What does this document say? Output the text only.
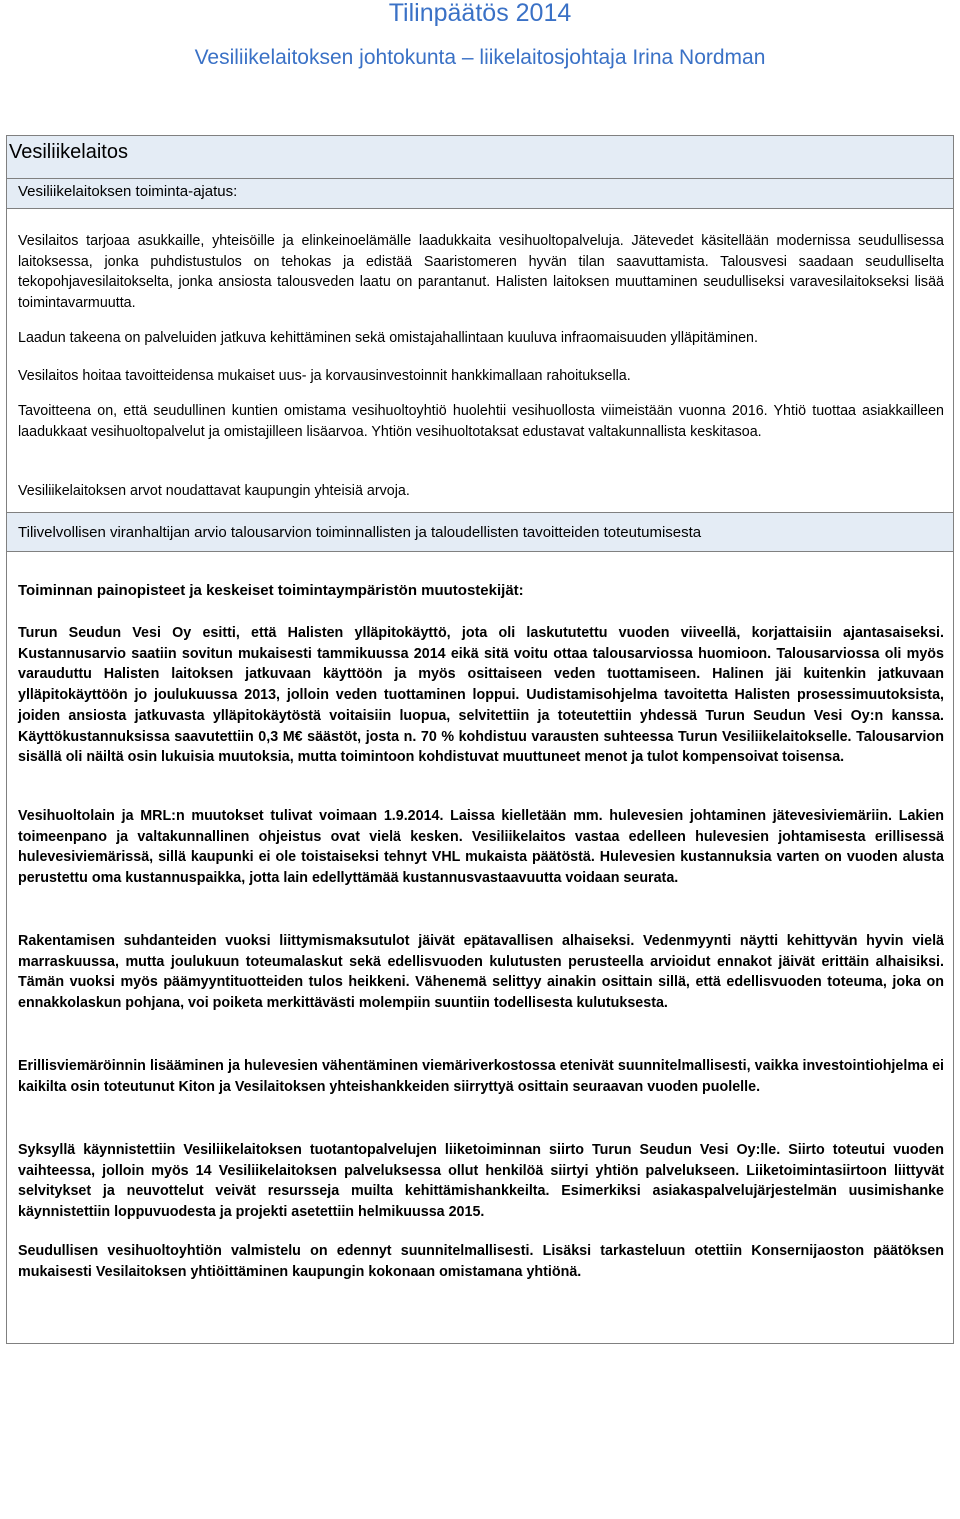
Tilinpäätös 2014
Vesiliikelaitoksen johtokunta – liikelaitosjohtaja Irina Nordman
Vesiliikelaitos
Vesiliikelaitoksen toiminta-ajatus:
Vesilaitos tarjoaa asukkaille, yhteisöille ja elinkeinoelämälle laadukkaita vesihuoltopalveluja. Jätevedet käsitellään modernissa seudullisessa laitoksessa, jonka puhdistustulos on tehokas ja edistää Saaristomeren hyvän tilan saavuttamista. Talousvesi saadaan seudulliselta tekopohjavesilaitokselta, jonka ansiosta talousveden laatu on parantanut. Halisten laitoksen muuttaminen seudulliseksi varavesilaitokseksi lisää toimintavarmuutta.
Laadun takeena on palveluiden jatkuva kehittäminen sekä omistajahallintaan kuuluva infraomaisuuden ylläpitäminen.
Vesilaitos hoitaa tavoitteidensa mukaiset uus- ja korvausinvestoinnit hankkimallaan rahoituksella.
Tavoitteena on, että seudullinen kuntien omistama vesihuoltoyhtiö huolehtii vesihuollosta viimeistään vuonna 2016. Yhtiö tuottaa asiakkailleen laadukkaat vesihuoltopalvelut ja omistajilleen lisäarvoa. Yhtiön vesihuoltotaksat edustavat valtakunnallista keskitasoa.
Vesiliikelaitoksen arvot noudattavat kaupungin yhteisiä arvoja.
Tilivelvollisen viranhaltijan arvio talousarvion toiminnallisten ja taloudellisten tavoitteiden toteutumisesta
Toiminnan painopisteet ja keskeiset toimintaympäristön muutostekijät:
Turun Seudun Vesi Oy esitti, että Halisten ylläpitokäyttö, jota oli laskututettu vuoden viiveellä, korjattaisiin ajantasaiseksi. Kustannusarvio saatiin sovitun mukaisesti tammikuussa 2014 eikä sitä voitu ottaa talousarviossa huomioon. Talousarviossa oli myös varauduttu Halisten laitoksen jatkuvaan käyttöön ja myös osittaiseen veden tuottamiseen. Halinen jäi kuitenkin jatkuvaan ylläpitokäyttöön jo joulukuussa 2013, jolloin veden tuottaminen loppui. Uudistamisohjelma tavoitetta Halisten prosessimuutoksista, joiden ansiosta jatkuvasta ylläpitokäytöstä voitaisiin luopua, selvitettiin ja toteutettiin yhdessä Turun Seudun Vesi Oy:n kanssa. Käyttökustannuksissa saavutettiin 0,3 M€ säästöt, josta n. 70 % kohdistuu varausten suhteessa Turun Vesiliikelaitokselle. Talousarvion sisällä oli näiltä osin lukuisia muutoksia, mutta toimintoon kohdistuvat muuttuneet menot ja tulot kompensoivat toisensa.
Vesihuoltolain ja MRL:n muutokset tulivat voimaan 1.9.2014. Laissa kielletään mm. hulevesien johtaminen jätevesiviemäriin. Lakien toimeenpano ja valtakunnallinen ohjeistus ovat vielä kesken. Vesiliikelaitos vastaa edelleen hulevesien johtamisesta erillisessä hulevesiviemärissä, sillä kaupunki ei ole toistaiseksi tehnyt VHL mukaista päätöstä. Hulevesien kustannuksia varten on vuoden alusta perustettu oma kustannuspaikka, jotta lain edellyttämää kustannusvastaavuutta voidaan seurata.
Rakentamisen suhdanteiden vuoksi liittymismaksutulot jäivät epätavallisen alhaiseksi. Vedenmyynti näytti kehittyvän hyvin vielä marraskuussa, mutta joulukuun toteumalaskut sekä edellisvuoden kulutusten perusteella arvioidut ennakot jäivät erittäin alhaisiksi. Tämän vuoksi myös päämyyntituotteiden tulos heikkeni. Vähenemä selittyy ainakin osittain sillä, että edellisvuoden toteuma, joka on ennakkolaskun pohjana, voi poiketa merkittävästi molempiin suuntiin todellisesta kulutuksesta.
Erillisviemäröinnin lisääminen ja hulevesien vähentäminen viemäriverkostossa etenivät suunnitelmallisesti, vaikka investointiohjelma ei kaikilta osin toteutunut Kiton ja Vesilaitoksen yhteishankkeiden siirryttyä osittain seuraavan vuoden puolelle.
Syksyllä käynnistettiin Vesiliikelaitoksen tuotantopalvelujen liiketoiminnan siirto Turun Seudun Vesi Oy:lle. Siirto toteutui vuoden vaihteessa, jolloin myös 14 Vesiliikelaitoksen palveluksessa ollut henkilöä siirtyi yhtiön palvelukseen. Liiketoimintasiirtoon liittyvät selvitykset ja neuvottelut veivät resursseja muilta kehittämishankkeilta. Esimerkiksi asiakaspalvelujärjestelmän uusimishanke käynnistettiin loppuvuodesta ja projekti asetettiin helmikuussa 2015.
Seudullisen vesihuoltoyhtiön valmistelu on edennyt suunnitelmallisesti. Lisäksi tarkasteluun otettiin Konsernijaoston päätöksen mukaisesti Vesilaitoksen yhtiöittäminen kaupungin kokonaan omistamana yhtiönä.
